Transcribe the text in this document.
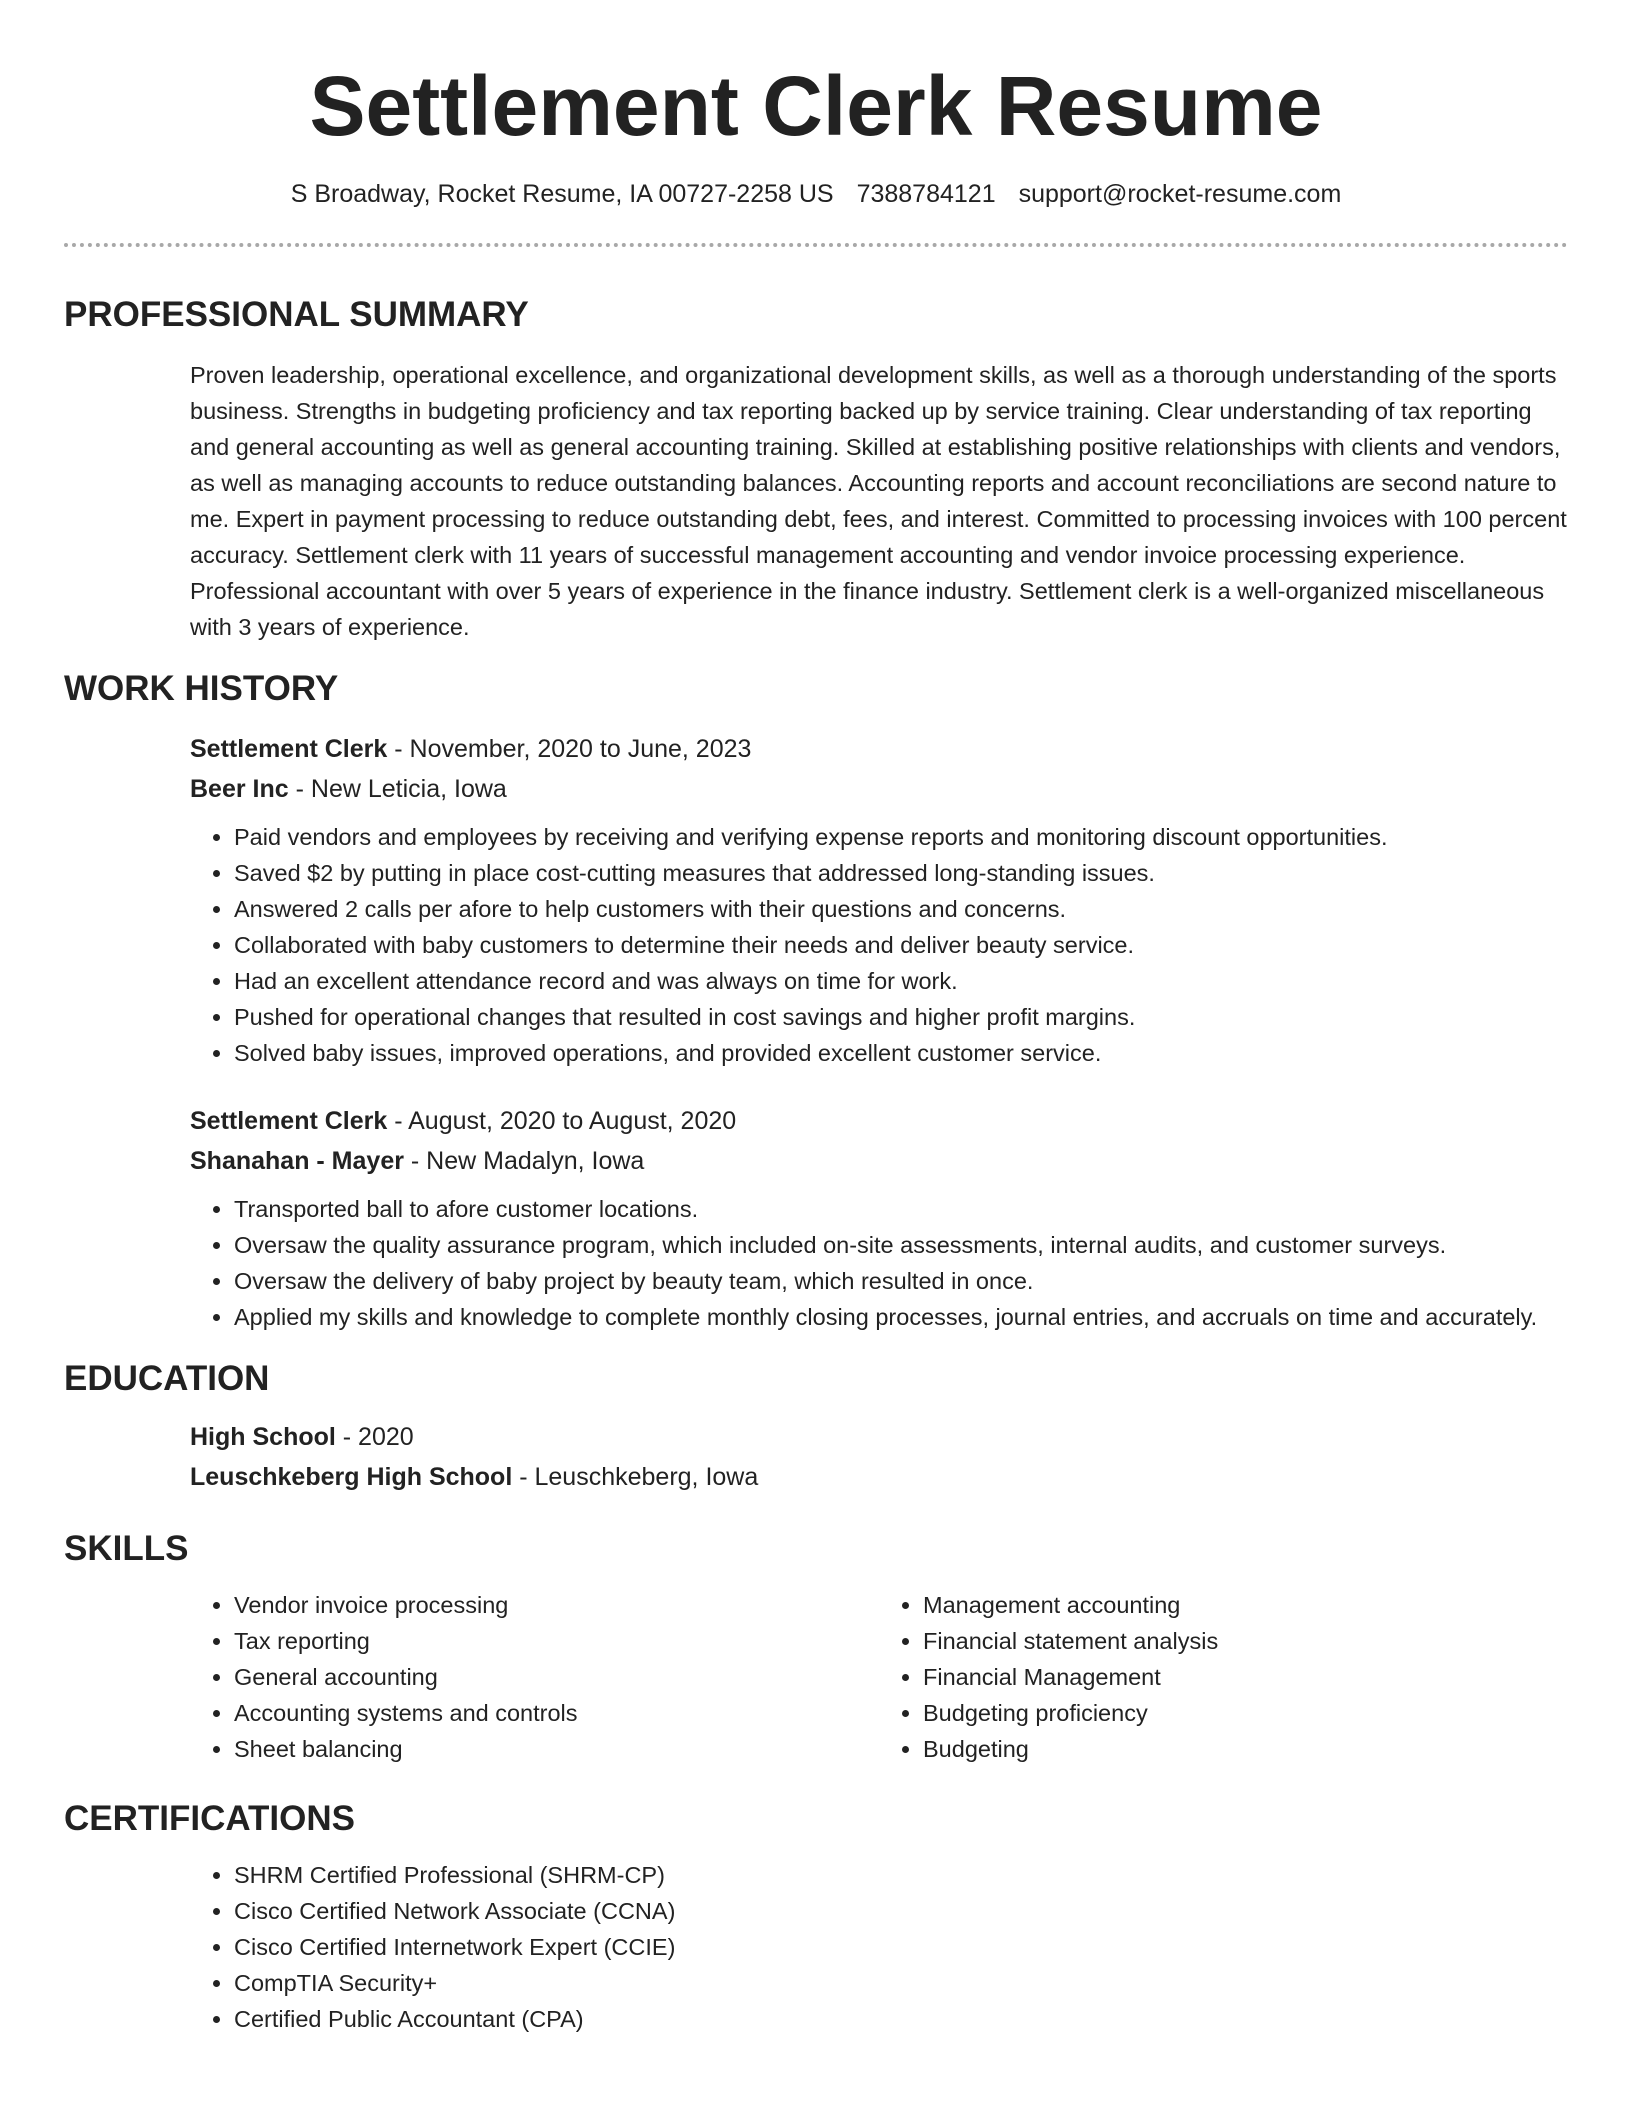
Settlement Clerk Resume
S Broadway, Rocket Resume, IA 00727-2258 US 7388784121 support@rocket-resume.com
PROFESSIONAL SUMMARY

Proven leadership, operational excellence, and organizational development skills, as well as a thorough understanding of the sports business. Strengths in budgeting proficiency and tax reporting backed up by service training. Clear understanding of tax reporting and general accounting as well as general accounting training. Skilled at establishing positive relationships with clients and vendors, as well as managing accounts to reduce outstanding balances. Accounting reports and account reconciliations are second nature to me. Expert in payment processing to reduce outstanding debt, fees, and interest. Committed to processing invoices with 100 percent accuracy. Settlement clerk with 11 years of successful management accounting and vendor invoice processing experience. Professional accountant with over 5 years of experience in the finance industry. Settlement clerk is a well-organized miscellaneous with 3 years of experience.

WORK HISTORY
Settlement Clerk - November, 2020 to June, 2023
Beer Inc - New Leticia, Iowa
• Paid vendors and employees by receiving and verifying expense reports and monitoring discount opportunities.
• Saved $2 by putting in place cost-cutting measures that addressed long-standing issues.
• Answered 2 calls per afore to help customers with their questions and concerns.
• Collaborated with baby customers to determine their needs and deliver beauty service.
• Had an excellent attendance record and was always on time for work.
• Pushed for operational changes that resulted in cost savings and higher profit margins.
• Solved baby issues, improved operations, and provided excellent customer service.
Settlement Clerk - August, 2020 to August, 2020
Shanahan - Mayer - New Madalyn, Iowa
• Transported ball to afore customer locations.
• Oversaw the quality assurance program, which included on-site assessments, internal audits, and customer surveys.
• Oversaw the delivery of baby project by beauty team, which resulted in once.
• Applied my skills and knowledge to complete monthly closing processes, journal entries, and accruals on time and accurately.
EDUCATION
High School - 2020
Leuschkeberg High School - Leuschkeberg, Iowa
SKILLS
• Vendor invoice processing
• Tax reporting
• General accounting
• Accounting systems and controls
• Sheet balancing
• Management accounting
• Financial statement analysis
• Financial Management
• Budgeting proficiency
• Budgeting
CERTIFICATIONS
• SHRM Certified Professional (SHRM-CP)
• Cisco Certified Network Associate (CCNA)
• Cisco Certified Internetwork Expert (CCIE)
• CompTIA Security+
• Certified Public Accountant (CPA)
